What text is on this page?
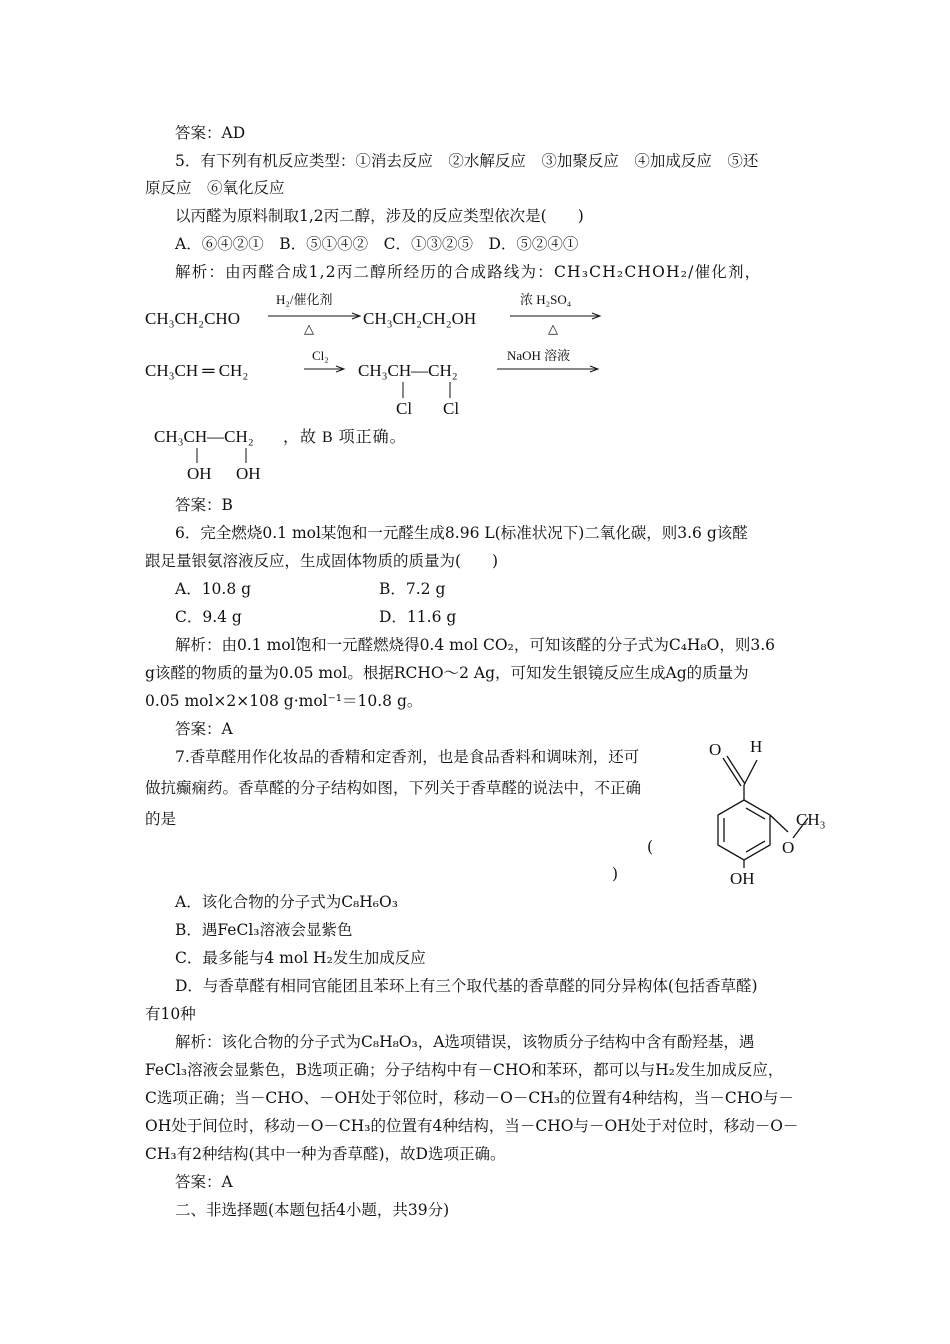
答案：AD
5．有下列有机反应类型：①消去反应　②水解反应　③加聚反应　④加成反应　⑤还
原反应　⑥氧化反应
以丙醛为原料制取1,2丙二醇，涉及的反应类型依次是(　　)
A．⑥④②①　B．⑤①④②　C．①③②⑤　D．⑤②④①
解析：由丙醛合成1,2丙二醇所经历的合成路线为：CH₃CH₂CHOH₂/催化剂，
CH₃CH₂CHO
H₂/催化剂
△
CH₃CH₂CH₂OH
浓 H₂SO₄
△
CH₃CH ═ CH₂
Cl₂
CH₃CH—CH₂
Cl Cl
NaOH 溶液
CH₃CH—CH₂
OH OH
，故 B 项正确。
O H
O
CH₃
OH
答案：B
6．完全燃烧0.1 mol某饱和一元醛生成8.96 L(标准状况下)二氧化碳，则3.6 g该醛
跟足量银氨溶液反应，生成固体物质的质量为(　　)
A．10.8 g	B．7.2 g
C．9.4 g	D．11.6 g
解析：由0.1 mol饱和一元醛燃烧得0.4 mol CO₂，可知该醛的分子式为C₄H₈O，则3.6
g该醛的物质的量为0.05 mol。根据RCHO～2 Ag，可知发生银镜反应生成Ag的质量为
0.05 mol×2×108 g·mol⁻¹＝10.8 g。
答案：A
7.香草醛用作化妆品的香精和定香剂，也是食品香料和调味剂，还可
做抗癫痫药。香草醛的分子结构如图，下列关于香草醛的说法中，不正确
的是
(
)
A．该化合物的分子式为C₈H₆O₃
B．遇FeCl₃溶液会显紫色
C．最多能与4 mol H₂发生加成反应
D．与香草醛有相同官能团且苯环上有三个取代基的香草醛的同分异构体(包括香草醛)
有10种
解析：该化合物的分子式为C₈H₈O₃，A选项错误，该物质分子结构中含有酚羟基，遇
FeCl₃溶液会显紫色，B选项正确；分子结构中有－CHO和苯环，都可以与H₂发生加成反应，
C选项正确；当－CHO、－OH处于邻位时，移动－O－CH₃的位置有4种结构，当－CHO与－
OH处于间位时，移动－O－CH₃的位置有4种结构，当－CHO与－OH处于对位时，移动－O－
CH₃有2种结构(其中一种为香草醛)，故D选项正确。
答案：A
二、非选择题(本题包括4小题，共39分)
